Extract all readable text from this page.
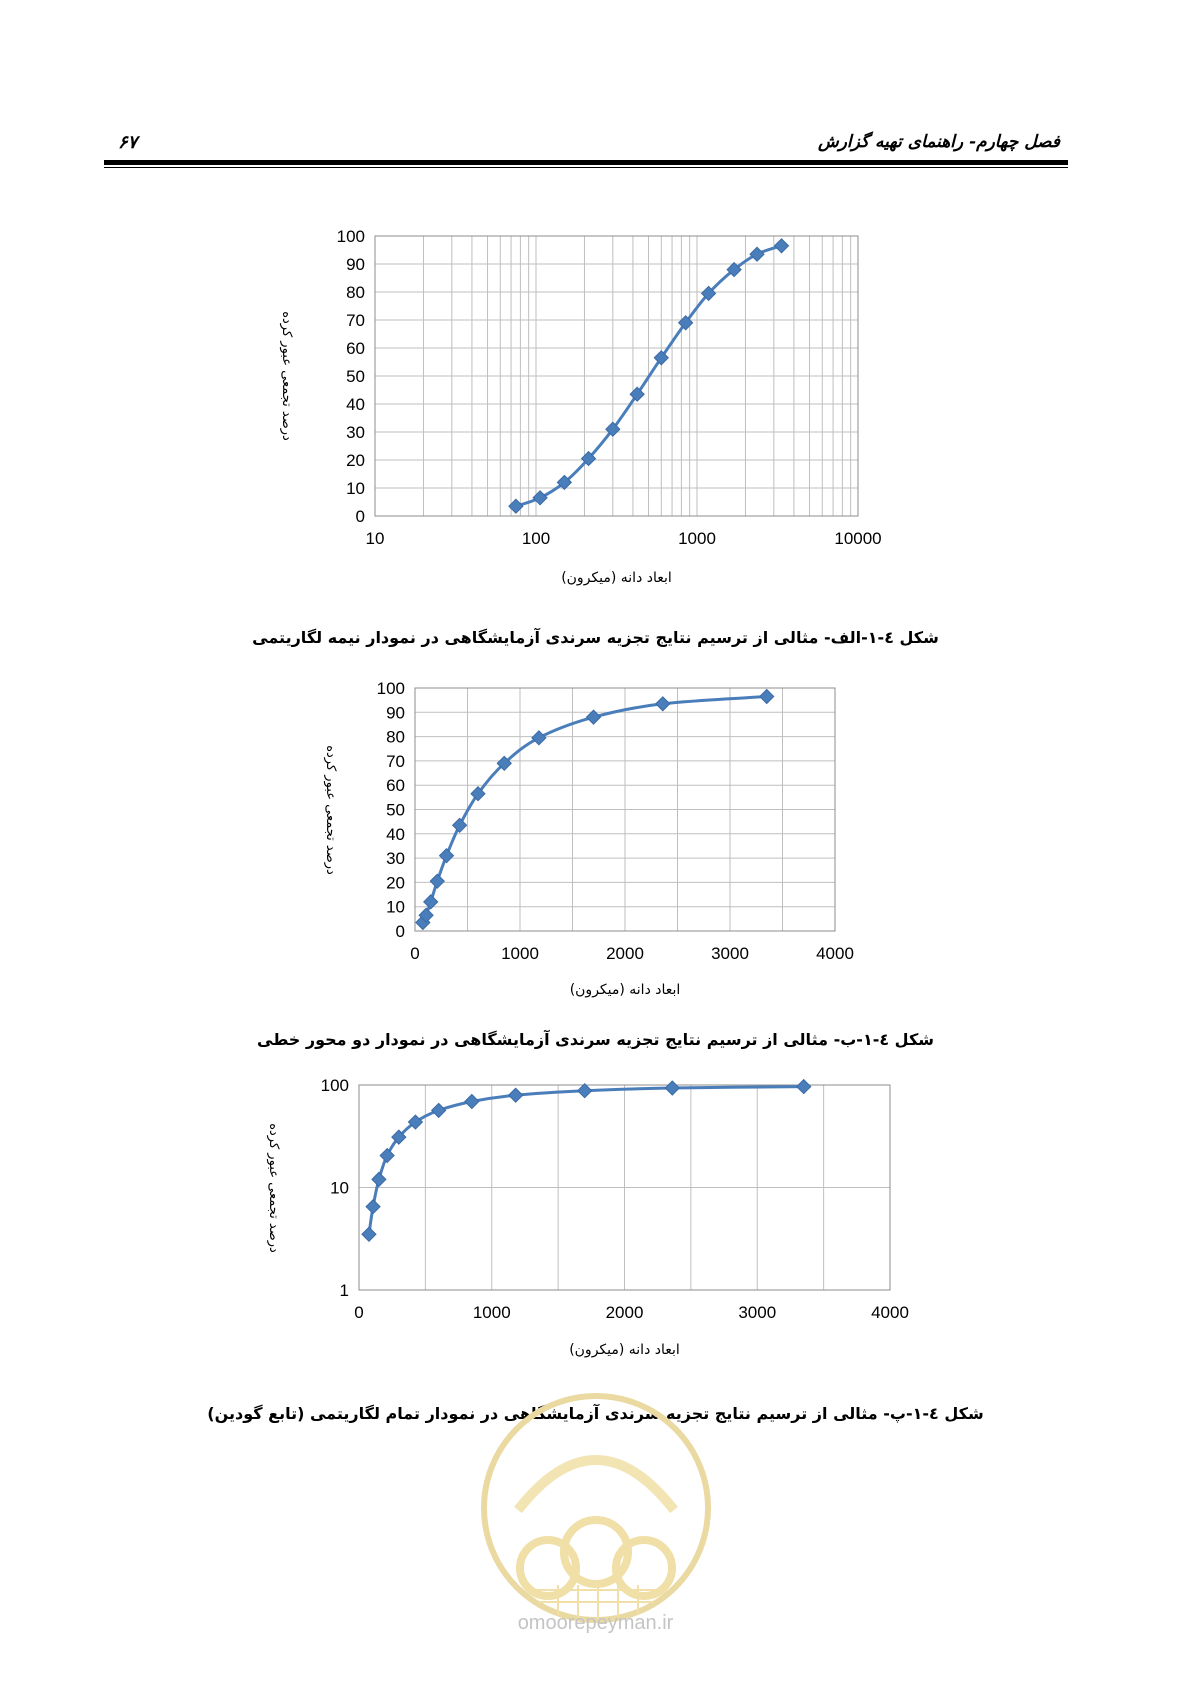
فصل چهارم- راهنمای تهیه گزارش
۶۷
0
10
20
30
40
50
60
70
80
90
100
10	100	1000	10000
ابعاد دانه (میکرون)
درصد تجمعی عبور کرده
شکل ٤-١-الف- مثالی از ترسیم نتایج تجزیه سرندی آزمایشگاهی در نمودار نیمه لگاریتمی
0
10
20
30
40
50
60
70
80
90
100
0	1000	2000	3000	4000
ابعاد دانه (میکرون)
درصد تجمعی عبور کرده
شکل ٤-١-ب- مثالی از ترسیم نتایج تجزیه سرندی آزمایشگاهی در نمودار دو محور خطی
1
10
100
0	1000	2000	3000	4000
ابعاد دانه (میکرون)
درصد تجمعی عبور کرده
شکل ٤-١-پ- مثالی از ترسیم نتایج تجزیه سرندی آزمایشگاهی در نمودار تمام لگاریتمی (تابع گودین)
omoorepeyman.ir
